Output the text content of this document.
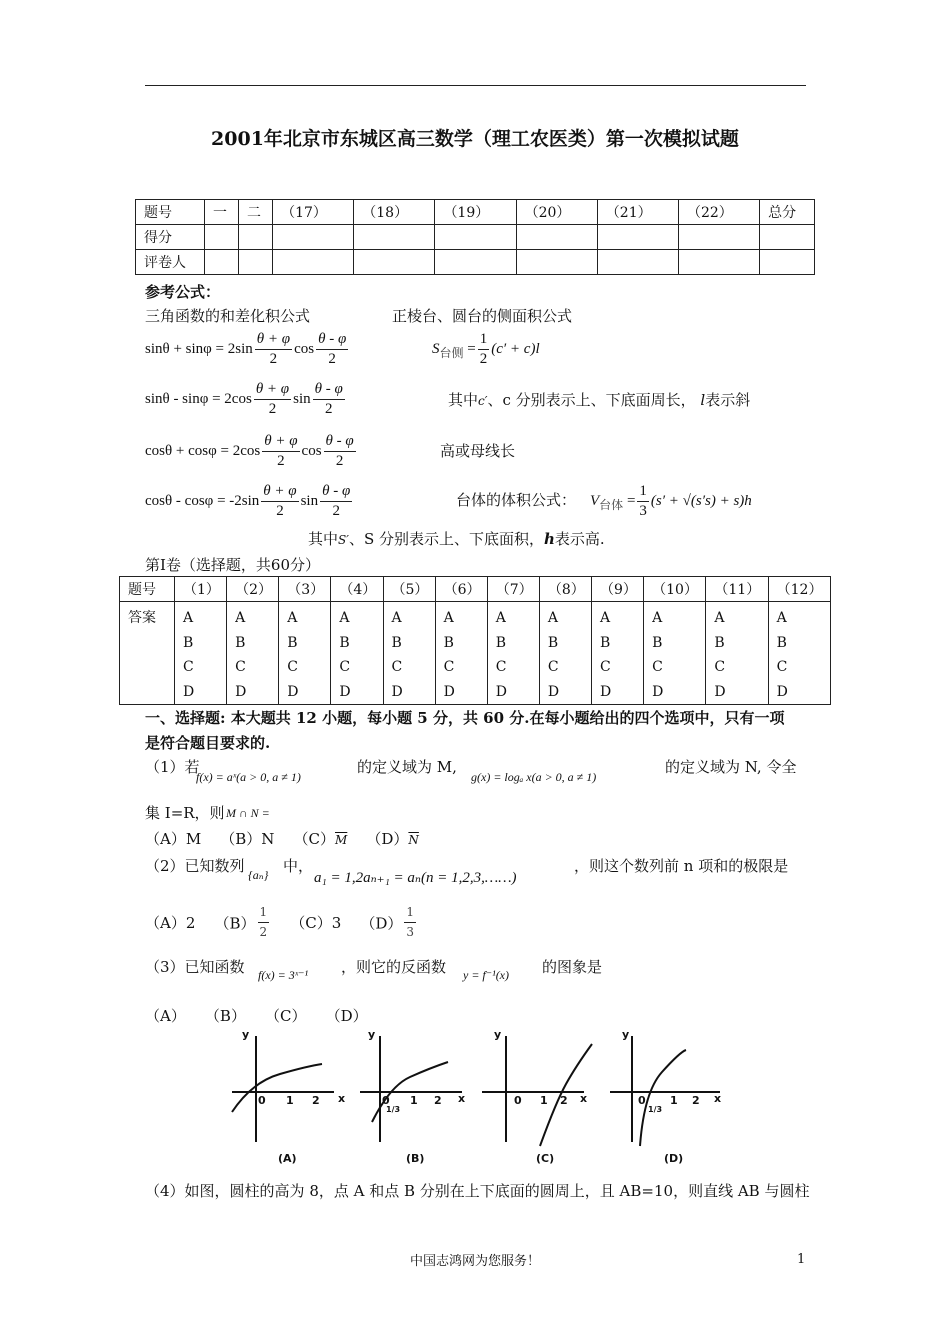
2001年北京市东城区高三数学（理工农医类）第一次模拟试题
题号	一	二	（17）	（18）	（19）	（20）	（21）	（22）	总分
得分									
评卷人									
参考公式：
三角函数的和差化积公式	正棱台、圆台的侧面积公式
$\sin\theta + \sin\varphi = 2\sin \frac{\theta + \varphi}{2}$ $\cos \frac{\theta - \varphi}{2}$	$S_{台侧} = \frac{1}{2} (c' + c)l$
$\sin\theta - \sin\varphi = 2\cos \frac{\theta + \varphi}{2}$ $\sin \frac{\theta - \varphi}{2}$	其中c′、c 分别表示上、下底面周长， l表示斜
$\cos\theta + \cos\varphi = 2\cos \frac{\theta + \varphi}{2}$ $\cos \frac{\theta - \varphi}{2}$	高或母线长
$\cos\theta - \cos\varphi = -2\sin \frac{\theta + \varphi}{2}$ $\sin \frac{\theta - \varphi}{2}$	台体的体积公式： $V_{台体} = \frac{1}{3} (s' + √(s's) + s)h$
其中S′、S 分别表示上、下底面积，h表示高.
第Ⅰ卷（选择题，共60分）
题号	（1）	（2）	（3）	（4）	（5）	（6）	（7）	（8）	（9）	（10）	（11）	（12）
答案	A
B
C
D	A
B
C
D	A
B
C
D	A
B
C
D	A
B
C
D	A
B
C
D	A
B
C
D	A
B
C
D	A
B
C
D	A
B
C
D	A
B
C
D	A
B
C
D
一、选择题: 本大题共 12 小题，每小题 5 分，共 60 分.在每小题给出的四个选项中，只有一项
是符合题目要求的.
（1）若
f(x) = aˣ(a > 0, a ≠ 1)
的定义域为 M,
g(x) = logₐ x(a > 0, a ≠ 1)
的定义域为 N, 令全
集 I=R，则 M ∩ N =
（A）M （B）N $(C)\overline{M}$ $(D)\overline{N}$
（2）已知数列 {aₙ} 中，
a₁ = 1,2aₙ₊₁ = aₙ(n = 1,2,3,……)
，则这个数列前 n 项和的极限是
（A）2 $(B) \frac{1}{2} (C)3$ $(D) \frac{1}{3}$
（3）已知函数 f(x) = 3ˣ⁻¹ ，则它的反函数 y = f⁻¹(x) 的图象是
（A） （B） （C） （D）
y
x
0 1 2
(A)
y
x
0 1 2
1/3
(B)
y
x
0 1 2
(C)
y
x
0 1 2
1/3
(D)
（4）如图，圆柱的高为 8，点 A 和点 B 分别在上下底面的圆周上，且 AB=10，则直线 AB 与圆柱
中国志鸿网为您服务！	1
